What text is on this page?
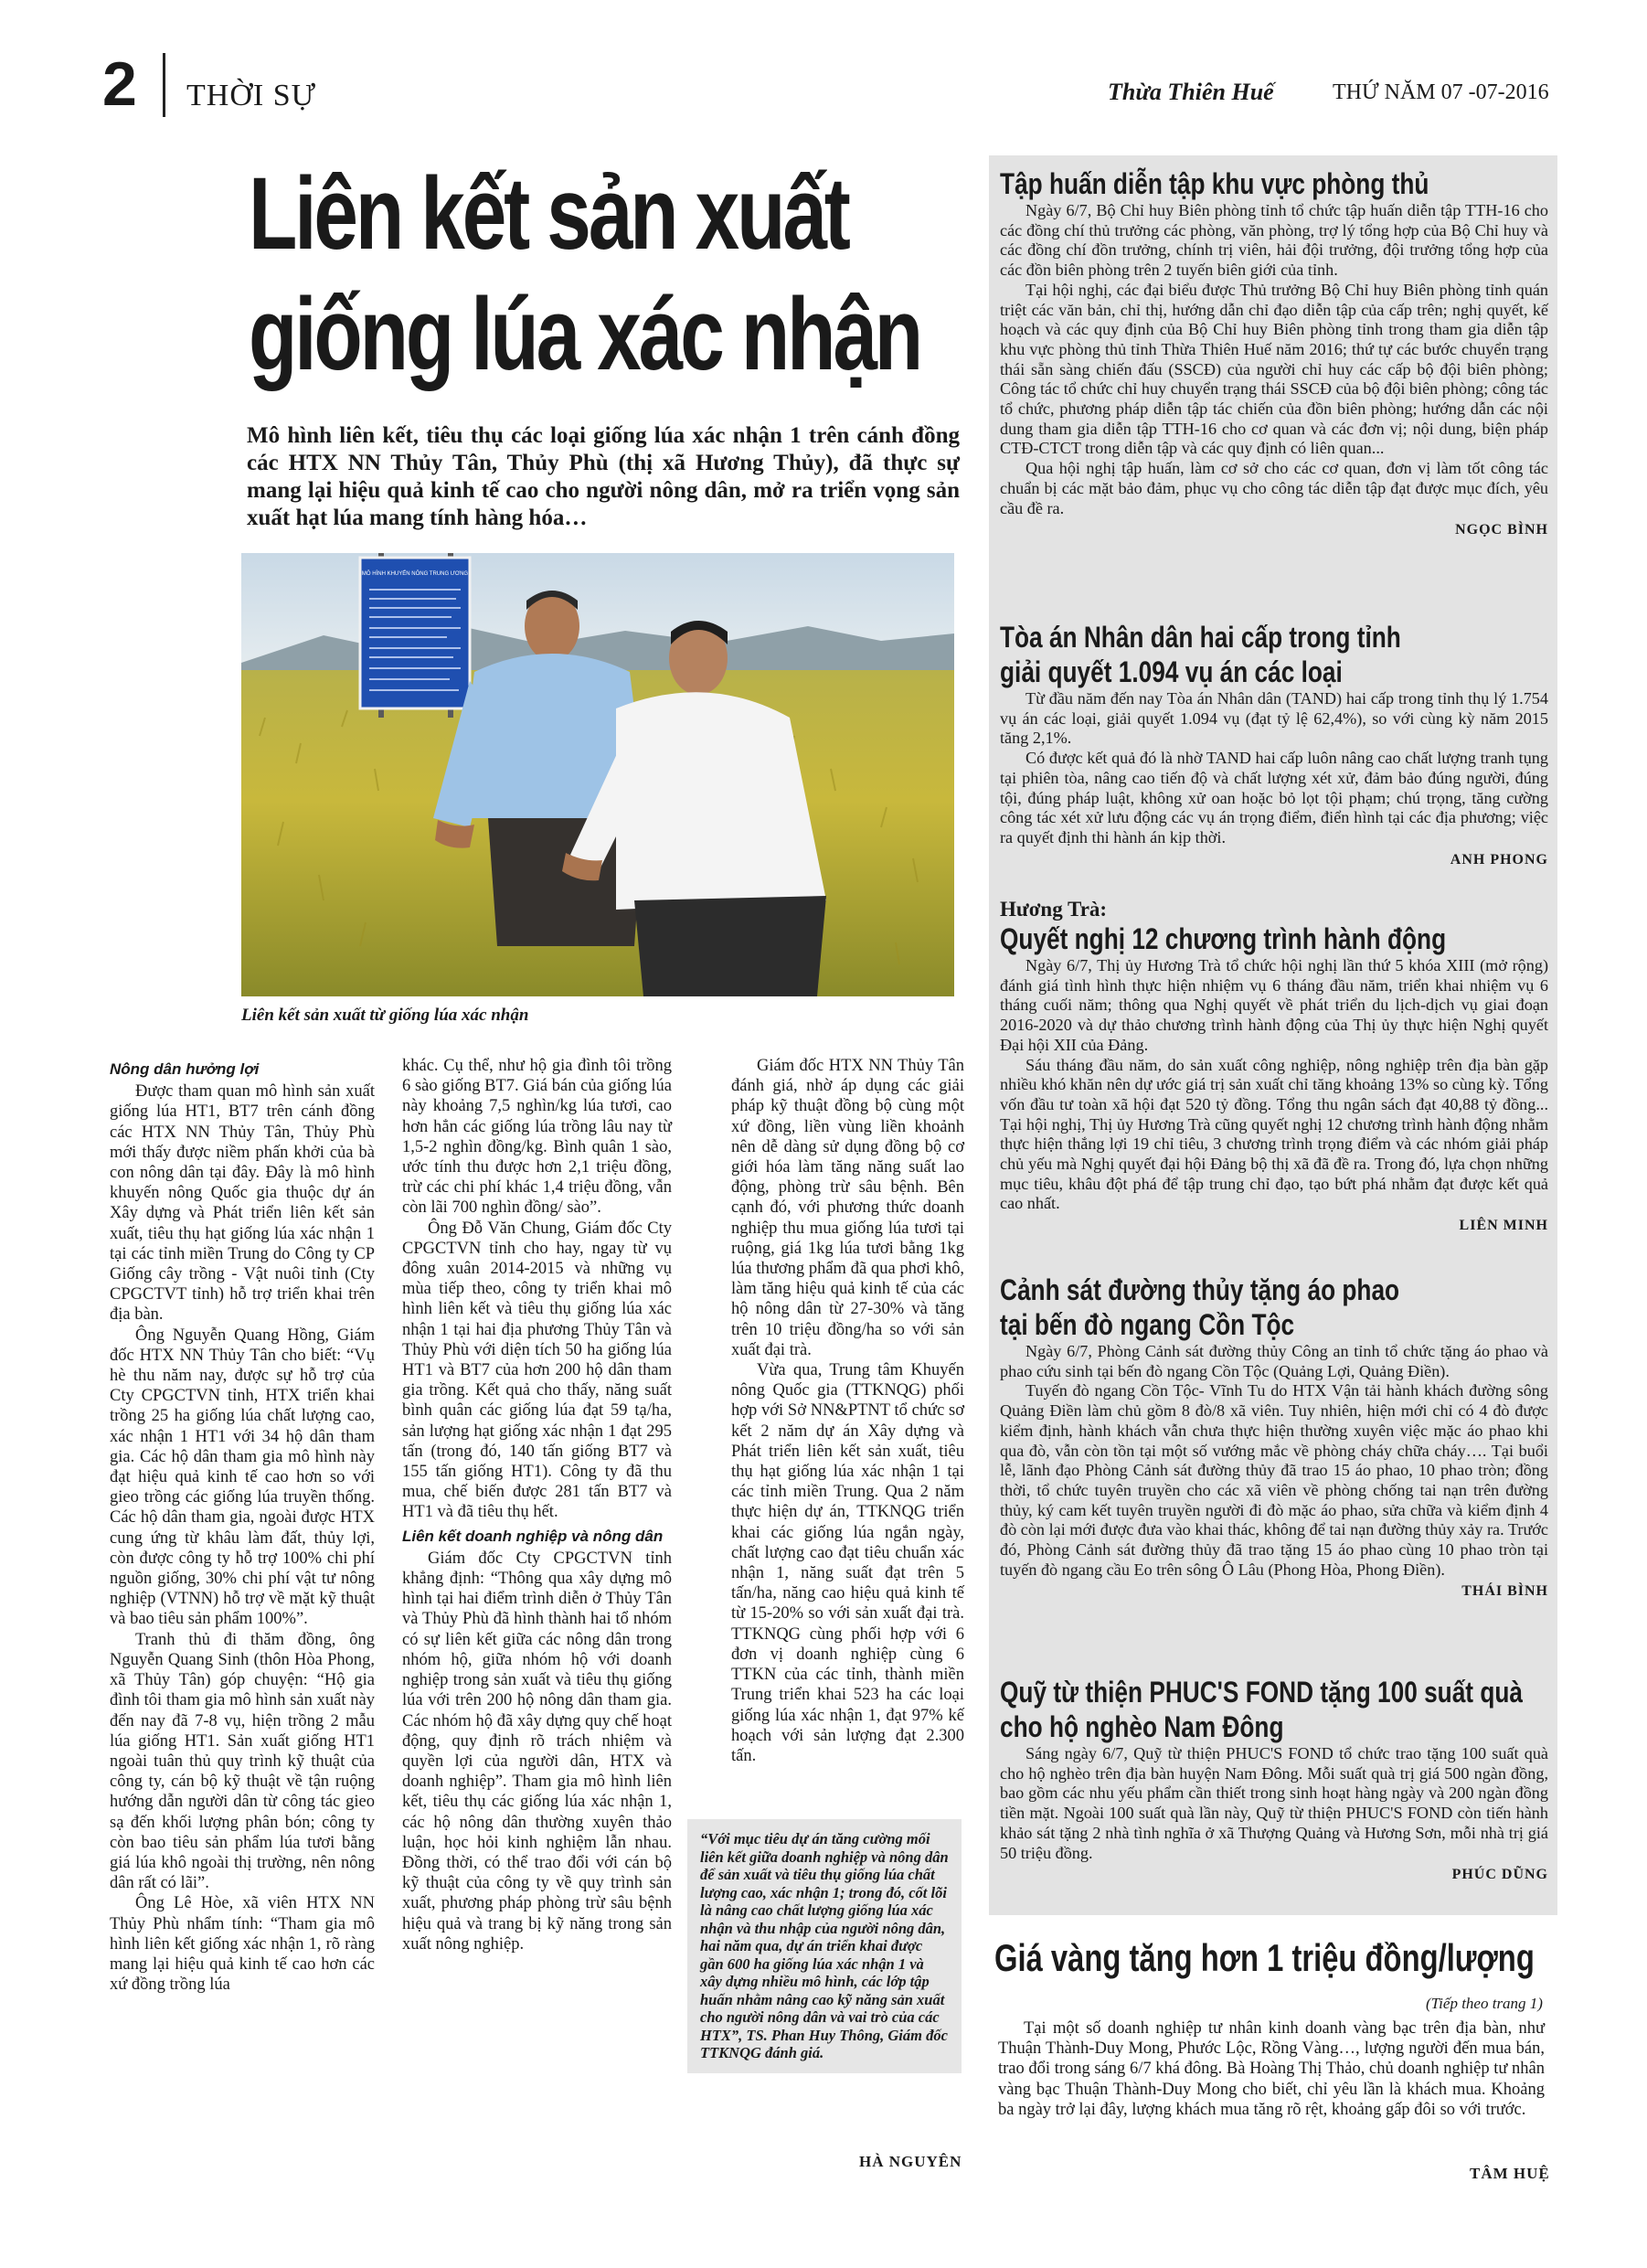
2 THỜI SỰ	Thừa Thiên Huế	THỨ NĂM 07 -07-2016
Liên kết sản xuất
giống lúa xác nhận
Mô hình liên kết, tiêu thụ các loại giống lúa xác nhận 1 trên cánh đồng các HTX NN Thủy Tân, Thủy Phù (thị xã Hương Thủy), đã thực sự mang lại hiệu quả kinh tế cao cho người nông dân, mở ra triển vọng sản xuất hạt lúa mang tính hàng hóa…
MÔ HÌNH KHUYẾN NÔNG TRUNG ƯƠNG
Liên kết sản xuất từ giống lúa xác nhận
Nông dân hưởng lợi

Được tham quan mô hình sản xuất giống lúa HT1, BT7 trên cánh đồng các HTX NN Thủy Tân, Thủy Phù mới thấy được niềm phấn khởi của bà con nông dân tại đây. Đây là mô hình khuyến nông Quốc gia thuộc dự án Xây dựng và Phát triển liên kết sản xuất, tiêu thụ hạt giống lúa xác nhận 1 tại các tỉnh miền Trung do Công ty CP Giống cây trồng - Vật nuôi tỉnh (Cty CPGCTVT tỉnh) hỗ trợ triển khai trên địa bàn.

Ông Nguyễn Quang Hồng, Giám đốc HTX NN Thủy Tân cho biết: “Vụ hè thu năm nay, được sự hỗ trợ của Cty CPGCTVN tỉnh, HTX triển khai trồng 25 ha giống lúa chất lượng cao, xác nhận 1 HT1 với 34 hộ dân tham gia. Các hộ dân tham gia mô hình này đạt hiệu quả kinh tế cao hơn so với gieo trồng các giống lúa truyền thống. Các hộ dân tham gia, ngoài được HTX cung ứng từ khâu làm đất, thủy lợi, còn được công ty hỗ trợ 100% chi phí nguồn giống, 30% chi phí vật tư nông nghiệp (VTNN) hỗ trợ về mặt kỹ thuật và bao tiêu sản phẩm 100%”.

Tranh thủ đi thăm đồng, ông Nguyễn Quang Sinh (thôn Hòa Phong, xã Thủy Tân) góp chuyện: “Hộ gia đình tôi tham gia mô hình sản xuất này đến nay đã 7-8 vụ, hiện trồng 2 mẫu lúa giống HT1. Sản xuất giống HT1 ngoài tuân thủ quy trình kỹ thuật của công ty, cán bộ kỹ thuật về tận ruộng hướng dẫn người dân từ công tác gieo sạ đến khối lượng phân bón; công ty còn bao tiêu sản phẩm lúa tươi bằng giá lúa khô ngoài thị trường, nên nông dân rất có lãi”.

Ông Lê Hòe, xã viên HTX NN Thủy Phù nhẩm tính: “Tham gia mô hình liên kết giống xác nhận 1, rõ ràng mang lại hiệu quả kinh tế cao hơn các xứ đồng trồng lúa

khác. Cụ thể, như hộ gia đình tôi trồng 6 sào giống BT7. Giá bán của giống lúa này khoảng 7,5 nghìn/kg lúa tươi, cao hơn hẳn các giống lúa trồng lâu nay từ 1,5-2 nghìn đồng/kg. Bình quân 1 sào, ước tính thu được hơn 2,1 triệu đồng, trừ các chi phí khác 1,4 triệu đồng, vẫn còn lãi 700 nghìn đồng/ sào”.

Ông Đỗ Văn Chung, Giám đốc Cty CPGCTVN tỉnh cho hay, ngay từ vụ đông xuân 2014-2015 và những vụ mùa tiếp theo, công ty triển khai mô hình liên kết và tiêu thụ giống lúa xác nhận 1 tại hai địa phương Thủy Tân và Thủy Phù với diện tích 50 ha giống lúa HT1 và BT7 của hơn 200 hộ dân tham gia trồng. Kết quả cho thấy, năng suất bình quân các giống lúa đạt 59 tạ/ha, sản lượng hạt giống xác nhận 1 đạt 295 tấn (trong đó, 140 tấn giống BT7 và 155 tấn giống HT1). Công ty đã thu mua, chế biến được 281 tấn BT7 và HT1 và đã tiêu thụ hết.

Liên kết doanh nghiệp và nông dân

Giám đốc Cty CPGCTVN tỉnh khẳng định: “Thông qua xây dựng mô hình tại hai điểm trình diễn ở Thủy Tân và Thủy Phù đã hình thành hai tổ nhóm có sự liên kết giữa các nông dân trong nhóm hộ, giữa nhóm hộ với doanh nghiệp trong sản xuất và tiêu thụ giống lúa với trên 200 hộ nông dân tham gia. Các nhóm hộ đã xây dựng quy chế hoạt động, quy định rõ trách nhiệm và quyền lợi của người dân, HTX và doanh nghiệp”. Tham gia mô hình liên kết, tiêu thụ các giống lúa xác nhận 1, các hộ nông dân thường xuyên thảo luận, học hỏi kinh nghiệm lẫn nhau. Đồng thời, có thể trao đổi với cán bộ kỹ thuật của công ty về quy trình sản xuất, phương pháp phòng trừ sâu bệnh hiệu quả và trang bị kỹ năng trong sản xuất nông nghiệp.

Giám đốc HTX NN Thủy Tân đánh giá, nhờ áp dụng các giải pháp kỹ thuật đồng bộ cùng một xứ đồng, liền vùng liền khoảnh nên dễ dàng sử dụng đồng bộ cơ giới hóa làm tăng năng suất lao động, phòng trừ sâu bệnh. Bên cạnh đó, với phương thức doanh nghiệp thu mua giống lúa tươi tại ruộng, giá 1kg lúa tươi bằng 1kg lúa thương phẩm đã qua phơi khô, làm tăng hiệu quả kinh tế của các hộ nông dân từ 27-30% và tăng trên 10 triệu đồng/ha so với sản xuất đại trà.

Vừa qua, Trung tâm Khuyến nông Quốc gia (TTKNQG) phối hợp với Sở NN&PTNT tổ chức sơ kết 2 năm dự án Xây dựng và Phát triển liên kết sản xuất, tiêu thụ hạt giống lúa xác nhận 1 tại các tỉnh miền Trung. Qua 2 năm thực hiện dự án, TTKNQG triển khai các giống lúa ngắn ngày, chất lượng cao đạt tiêu chuẩn xác nhận 1, năng suất đạt trên 5 tấn/ha, năng cao hiệu quả kinh tế từ 15-20% so với sản xuất đại trà. TTKNQG cùng phối hợp với 6 đơn vị doanh nghiệp cùng 6 TTKN của các tỉnh, thành miền Trung triển khai 523 ha các loại giống lúa xác nhận 1, đạt 97% kế hoạch với sản lượng đạt 2.300 tấn.

“Với mục tiêu dự án tăng cường mối liên kết giữa doanh nghiệp và nông dân để sản xuất và tiêu thụ giống lúa chất lượng cao, xác nhận 1; trong đó, cốt lõi là nâng cao chất lượng giống lúa xác nhận và thu nhập của người nông dân, hai năm qua, dự án triển khai được gần 600 ha giống lúa xác nhận 1 và xây dựng nhiều mô hình, các lớp tập huấn nhằm nâng cao kỹ năng sản xuất cho người nông dân và vai trò của các HTX”, TS. Phan Huy Thông, Giám đốc TTKNQG đánh giá.
HÀ NGUYÊN
Tập huấn diễn tập khu vực phòng thủ

Ngày 6/7, Bộ Chỉ huy Biên phòng tỉnh tổ chức tập huấn diễn tập TTH-16 cho các đồng chí thủ trưởng các phòng, văn phòng, trợ lý tổng hợp của Bộ Chỉ huy và các đồng chí đồn trưởng, chính trị viên, hải đội trưởng, đội trưởng tổng hợp của các đồn biên phòng trên 2 tuyến biên giới của tỉnh.

Tại hội nghị, các đại biểu được Thủ trưởng Bộ Chỉ huy Biên phòng tỉnh quán triệt các văn bản, chỉ thị, hướng dẫn chỉ đạo diễn tập của cấp trên; nghị quyết, kế hoạch và các quy định của Bộ Chỉ huy Biên phòng tỉnh trong tham gia diễn tập khu vực phòng thủ tỉnh Thừa Thiên Huế năm 2016; thứ tự các bước chuyển trạng thái sẵn sàng chiến đấu (SSCĐ) của người chỉ huy các cấp bộ đội biên phòng; Công tác tổ chức chỉ huy chuyển trạng thái SSCĐ của bộ đội biên phòng; công tác tổ chức, phương pháp diễn tập tác chiến của đồn biên phòng; hướng dẫn các nội dung tham gia diễn tập TTH-16 cho cơ quan và các đơn vị; nội dung, biện pháp CTĐ-CTCT trong diễn tập và các quy định có liên quan...

Qua hội nghị tập huấn, làm cơ sở cho các cơ quan, đơn vị làm tốt công tác chuẩn bị các mặt bảo đảm, phục vụ cho công tác diễn tập đạt được mục đích, yêu cầu đề ra.

NGỌC BÌNH
Tòa án Nhân dân hai cấp trong tỉnh
giải quyết 1.094 vụ án các loại

Từ đầu năm đến nay Tòa án Nhân dân (TAND) hai cấp trong tỉnh thụ lý 1.754 vụ án các loại, giải quyết 1.094 vụ (đạt tỷ lệ 62,4%), so với cùng kỳ năm 2015 tăng 2,1%.

Có được kết quả đó là nhờ TAND hai cấp luôn nâng cao chất lượng tranh tụng tại phiên tòa, nâng cao tiến độ và chất lượng xét xử, đảm bảo đúng người, đúng tội, đúng pháp luật, không xử oan hoặc bỏ lọt tội phạm; chú trọng, tăng cường công tác xét xử lưu động các vụ án trọng điểm, điển hình tại các địa phương; việc ra quyết định thi hành án kịp thời.

ANH PHONG
Hương Trà:
Quyết nghị 12 chương trình hành động

Ngày 6/7, Thị ủy Hương Trà tổ chức hội nghị lần thứ 5 khóa XIII (mở rộng) đánh giá tình hình thực hiện nhiệm vụ 6 tháng đầu năm, triển khai nhiệm vụ 6 tháng cuối năm; thông qua Nghị quyết về phát triển du lịch-dịch vụ giai đoạn 2016-2020 và dự thảo chương trình hành động của Thị ủy thực hiện Nghị quyết Đại hội XII của Đảng.

Sáu tháng đầu năm, do sản xuất công nghiệp, nông nghiệp trên địa bàn gặp nhiều khó khăn nên dự ước giá trị sản xuất chỉ tăng khoảng 13% so cùng kỳ. Tổng vốn đầu tư toàn xã hội đạt 520 tỷ đồng. Tổng thu ngân sách đạt 40,88 tỷ đồng... Tại hội nghị, Thị ủy Hương Trà cũng quyết nghị 12 chương trình hành động nhằm thực hiện thắng lợi 19 chỉ tiêu, 3 chương trình trọng điểm và các nhóm giải pháp chủ yếu mà Nghị quyết đại hội Đảng bộ thị xã đã đề ra. Trong đó, lựa chọn những mục tiêu, khâu đột phá để tập trung chỉ đạo, tạo bứt phá nhằm đạt được kết quả cao nhất.

LIÊN MINH
Cảnh sát đường thủy tặng áo phao
tại bến đò ngang Cồn Tộc

Ngày 6/7, Phòng Cảnh sát đường thủy Công an tỉnh tổ chức tặng áo phao và phao cứu sinh tại bến đò ngang Cồn Tộc (Quảng Lợi, Quảng Điền).

Tuyến đò ngang Cồn Tộc- Vĩnh Tu do HTX Vận tải hành khách đường sông Quảng Điền làm chủ gồm 8 đò/8 xã viên. Tuy nhiên, hiện mới chỉ có 4 đò được kiểm định, hành khách vẫn chưa thực hiện thường xuyên việc mặc áo phao khi qua đò, vẫn còn tồn tại một số vướng mắc về phòng cháy chữa cháy…. Tại buổi lễ, lãnh đạo Phòng Cảnh sát đường thủy đã trao 15 áo phao, 10 phao tròn; đồng thời, tổ chức tuyên truyền cho các xã viên về phòng chống tai nạn trên đường thủy, ký cam kết tuyên truyền người đi đò mặc áo phao, sửa chữa và kiểm định 4 đò còn lại mới được đưa vào khai thác, không để tai nạn đường thủy xảy ra. Trước đó, Phòng Cảnh sát đường thủy đã trao tặng 15 áo phao cùng 10 phao tròn tại tuyến đò ngang cầu Eo trên sông Ô Lâu (Phong Hòa, Phong Điền).

THÁI BÌNH
Quỹ từ thiện PHUC'S FOND tặng 100 suất quà
cho hộ nghèo Nam Đông

Sáng ngày 6/7, Quỹ từ thiện PHUC'S FOND tổ chức trao tặng 100 suất quà cho hộ nghèo trên địa bàn huyện Nam Đông. Mỗi suất quà trị giá 500 ngàn đồng, bao gồm các nhu yếu phẩm cần thiết trong sinh hoạt hàng ngày và 200 ngàn đồng tiền mặt. Ngoài 100 suất quà lần này, Quỹ từ thiện PHUC'S FOND còn tiến hành khảo sát tặng 2 nhà tình nghĩa ở xã Thượng Quảng và Hương Sơn, mỗi nhà trị giá 50 triệu đồng.

PHÚC DŨNG
Giá vàng tăng hơn 1 triệu đồng/lượng
(Tiếp theo trang 1)

Tại một số doanh nghiệp tư nhân kinh doanh vàng bạc trên địa bàn, như Thuận Thành-Duy Mong, Phước Lộc, Rồng Vàng…, lượng người đến mua bán, trao đổi trong sáng 6/7 khá đông. Bà Hoàng Thị Thảo, chủ doanh nghiệp tư nhân vàng bạc Thuận Thành-Duy Mong cho biết, chỉ yêu lần là khách mua. Khoảng ba ngày trở lại đây, lượng khách mua tăng rõ rệt, khoảng gấp đôi so với trước.

TÂM HUỆ
